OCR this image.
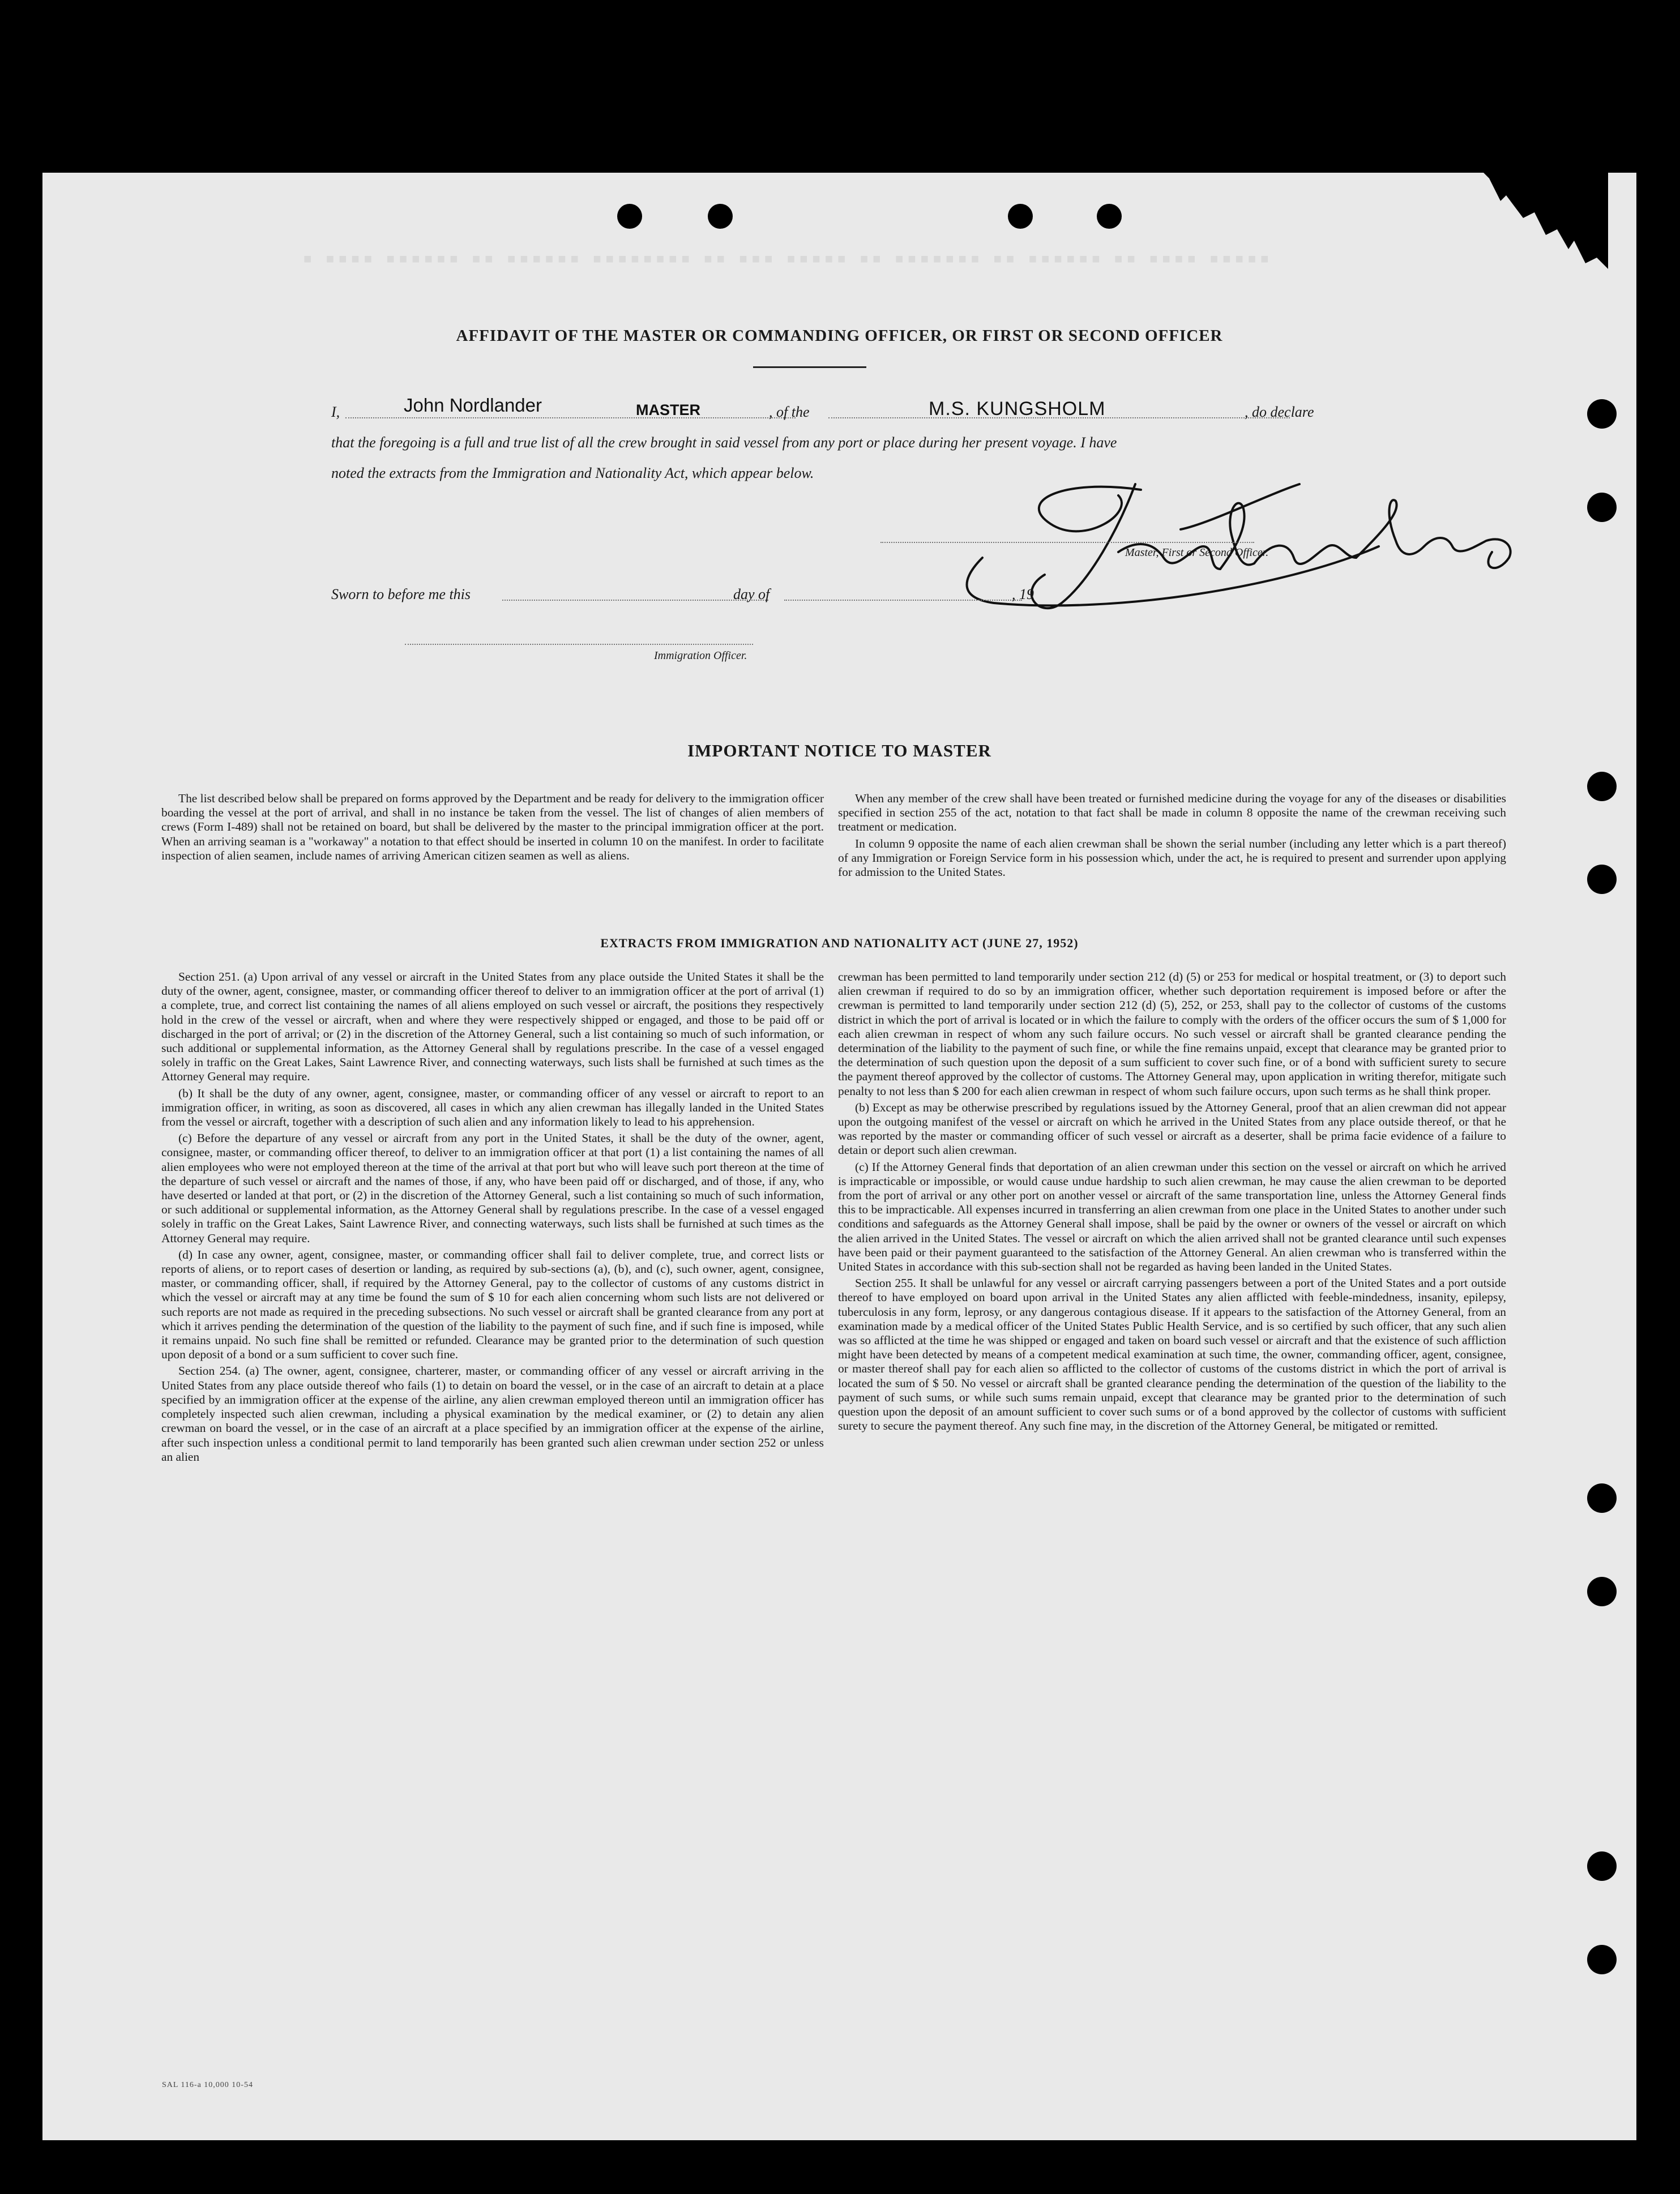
▪ ▪▪▪▪ ▪▪▪▪▪▪ ▪▪ ▪▪▪▪▪▪ ▪▪▪▪▪▪▪▪ ▪▪ ▪▪▪ ▪▪▪▪▪ ▪▪ ▪▪▪▪▪▪▪ ▪▪ ▪▪▪▪▪▪ ▪▪ ▪▪▪▪ ▪▪▪▪▪
AFFIDAVIT OF THE MASTER OR COMMANDING OFFICER, OR FIRST OR SECOND OFFICER
I,	John Nordlander	MASTER	, of the	M.S. KUNGSHOLM	, do declare
that the foregoing is a full and true list of all the crew brought in said vessel from any port or place during her present voyage. I have
noted the extracts from the Immigration and Nationality Act, which appear below.
Master, First or Second Officer.
Sworn to before me this	day of	, 19
Immigration Officer.
IMPORTANT NOTICE TO MASTER

The list described below shall be prepared on forms approved by the Department and be ready for delivery to the immigration officer boarding the vessel at the port of arrival, and shall in no instance be taken from the vessel. The list of changes of alien members of crews (Form I-489) shall not be retained on board, but shall be delivered by the master to the principal immigration officer at the port. When an arriving seaman is a "workaway" a notation to that effect should be inserted in column 10 on the manifest. In order to facilitate inspection of alien seamen, include names of arriving American citizen seamen as well as aliens.

When any member of the crew shall have been treated or furnished medicine during the voyage for any of the diseases or disabilities specified in section 255 of the act, notation to that fact shall be made in column 8 opposite the name of the crewman receiving such treatment or medication.

In column 9 opposite the name of each alien crewman shall be shown the serial number (including any letter which is a part thereof) of any Immigration or Foreign Service form in his possession which, under the act, he is required to present and surrender upon applying for admission to the United States.

EXTRACTS FROM IMMIGRATION AND NATIONALITY ACT (JUNE 27, 1952)

Section 251. (a) Upon arrival of any vessel or aircraft in the United States from any place outside the United States it shall be the duty of the owner, agent, consignee, master, or commanding officer thereof to deliver to an immigration officer at the port of arrival (1) a complete, true, and correct list containing the names of all aliens employed on such vessel or aircraft, the positions they respectively hold in the crew of the vessel or aircraft, when and where they were respectively shipped or engaged, and those to be paid off or discharged in the port of arrival; or (2) in the discretion of the Attorney General, such a list containing so much of such information, or such additional or supplemental information, as the Attorney General shall by regulations prescribe. In the case of a vessel engaged solely in traffic on the Great Lakes, Saint Lawrence River, and connecting waterways, such lists shall be furnished at such times as the Attorney General may require.

(b) It shall be the duty of any owner, agent, consignee, master, or commanding officer of any vessel or aircraft to report to an immigration officer, in writing, as soon as discovered, all cases in which any alien crewman has illegally landed in the United States from the vessel or aircraft, together with a description of such alien and any information likely to lead to his apprehension.

(c) Before the departure of any vessel or aircraft from any port in the United States, it shall be the duty of the owner, agent, consignee, master, or commanding officer thereof, to deliver to an immigration officer at that port (1) a list containing the names of all alien employees who were not employed thereon at the time of the arrival at that port but who will leave such port thereon at the time of the departure of such vessel or aircraft and the names of those, if any, who have been paid off or discharged, and of those, if any, who have deserted or landed at that port, or (2) in the discretion of the Attorney General, such a list containing so much of such information, or such additional or supplemental information, as the Attorney General shall by regulations prescribe. In the case of a vessel engaged solely in traffic on the Great Lakes, Saint Lawrence River, and connecting waterways, such lists shall be furnished at such times as the Attorney General may require.

(d) In case any owner, agent, consignee, master, or commanding officer shall fail to deliver complete, true, and correct lists or reports of aliens, or to report cases of desertion or landing, as required by sub-sections (a), (b), and (c), such owner, agent, consignee, master, or commanding officer, shall, if required by the Attorney General, pay to the collector of customs of any customs district in which the vessel or aircraft may at any time be found the sum of $ 10 for each alien concerning whom such lists are not delivered or such reports are not made as required in the preceding subsections. No such vessel or aircraft shall be granted clearance from any port at which it arrives pending the determination of the question of the liability to the payment of such fine, and if such fine is imposed, while it remains unpaid. No such fine shall be remitted or refunded. Clearance may be granted prior to the determination of such question upon deposit of a bond or a sum sufficient to cover such fine.

Section 254. (a) The owner, agent, consignee, charterer, master, or commanding officer of any vessel or aircraft arriving in the United States from any place outside thereof who fails (1) to detain on board the vessel, or in the case of an aircraft to detain at a place specified by an immigration officer at the expense of the airline, any alien crewman employed thereon until an immigration officer has completely inspected such alien crewman, including a physical examination by the medical examiner, or (2) to detain any alien crewman on board the vessel, or in the case of an aircraft at a place specified by an immigration officer at the expense of the airline, after such inspection unless a conditional permit to land temporarily has been granted such alien crewman under section 252 or unless an alien

crewman has been permitted to land temporarily under section 212 (d) (5) or 253 for medical or hospital treatment, or (3) to deport such alien crewman if required to do so by an immigration officer, whether such deportation requirement is imposed before or after the crewman is permitted to land temporarily under section 212 (d) (5), 252, or 253, shall pay to the collector of customs of the customs district in which the port of arrival is located or in which the failure to comply with the orders of the officer occurs the sum of $ 1,000 for each alien crewman in respect of whom any such failure occurs. No such vessel or aircraft shall be granted clearance pending the determination of the liability to the payment of such fine, or while the fine remains unpaid, except that clearance may be granted prior to the determination of such question upon the deposit of a sum sufficient to cover such fine, or of a bond with sufficient surety to secure the payment thereof approved by the collector of customs. The Attorney General may, upon application in writing therefor, mitigate such penalty to not less than $ 200 for each alien crewman in respect of whom such failure occurs, upon such terms as he shall think proper.

(b) Except as may be otherwise prescribed by regulations issued by the Attorney General, proof that an alien crewman did not appear upon the outgoing manifest of the vessel or aircraft on which he arrived in the United States from any place outside thereof, or that he was reported by the master or commanding officer of such vessel or aircraft as a deserter, shall be prima facie evidence of a failure to detain or deport such alien crewman.

(c) If the Attorney General finds that deportation of an alien crewman under this section on the vessel or aircraft on which he arrived is impracticable or impossible, or would cause undue hardship to such alien crewman, he may cause the alien crewman to be deported from the port of arrival or any other port on another vessel or aircraft of the same transportation line, unless the Attorney General finds this to be impracticable. All expenses incurred in transferring an alien crewman from one place in the United States to another under such conditions and safeguards as the Attorney General shall impose, shall be paid by the owner or owners of the vessel or aircraft on which the alien arrived in the United States. The vessel or aircraft on which the alien arrived shall not be granted clearance until such expenses have been paid or their payment guaranteed to the satisfaction of the Attorney General. An alien crewman who is transferred within the United States in accordance with this sub-section shall not be regarded as having been landed in the United States.

Section 255. It shall be unlawful for any vessel or aircraft carrying passengers between a port of the United States and a port outside thereof to have employed on board upon arrival in the United States any alien afflicted with feeble-mindedness, insanity, epilepsy, tuberculosis in any form, leprosy, or any dangerous contagious disease. If it appears to the satisfaction of the Attorney General, from an examination made by a medical officer of the United States Public Health Service, and is so certified by such officer, that any such alien was so afflicted at the time he was shipped or engaged and taken on board such vessel or aircraft and that the existence of such affliction might have been detected by means of a competent medical examination at such time, the owner, commanding officer, agent, consignee, or master thereof shall pay for each alien so afflicted to the collector of customs of the customs district in which the port of arrival is located the sum of $ 50. No vessel or aircraft shall be granted clearance pending the determination of the question of the liability to the payment of such sums, or while such sums remain unpaid, except that clearance may be granted prior to the determination of such question upon the deposit of an amount sufficient to cover such sums or of a bond approved by the collector of customs with sufficient surety to secure the payment thereof. Any such fine may, in the discretion of the Attorney General, be mitigated or remitted.

SAL 116-a 10,000 10-54
